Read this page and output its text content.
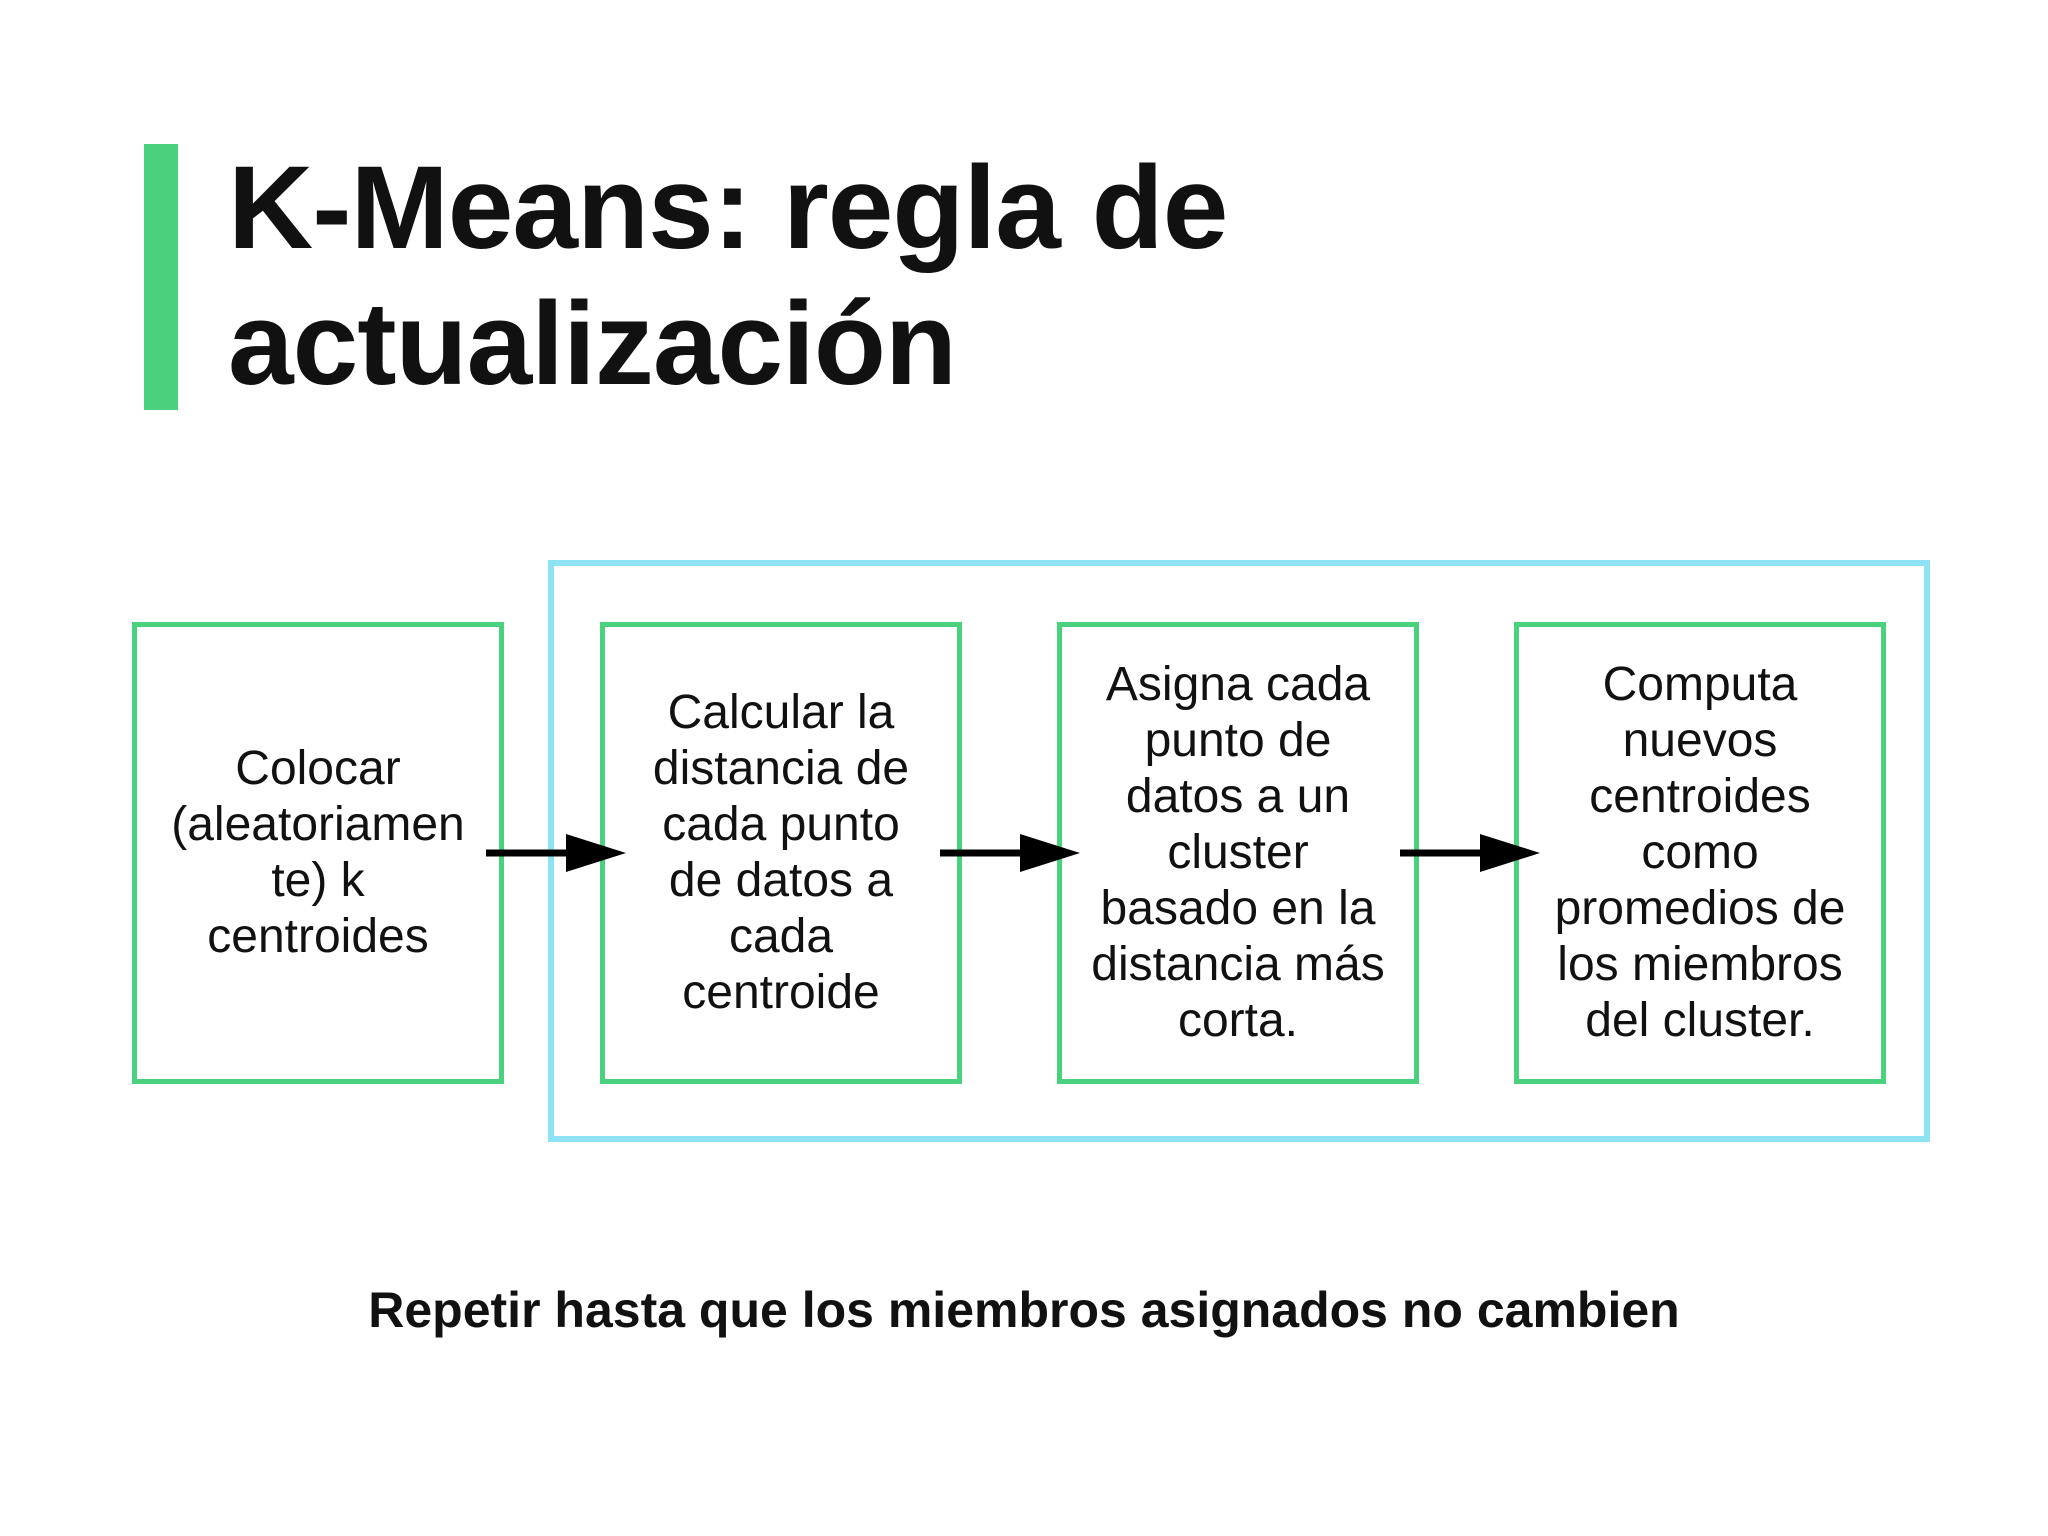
K-Means: regla de
actualización
Colocar
(aleatoriamen
te) k
centroides
Calcular la
distancia de
cada punto
de datos a
cada
centroide
Asigna cada
punto de
datos a un
cluster
basado en la
distancia más
corta.
Computa
nuevos
centroides
como
promedios de
los miembros
del cluster.
Repetir hasta que los miembros asignados no cambien
